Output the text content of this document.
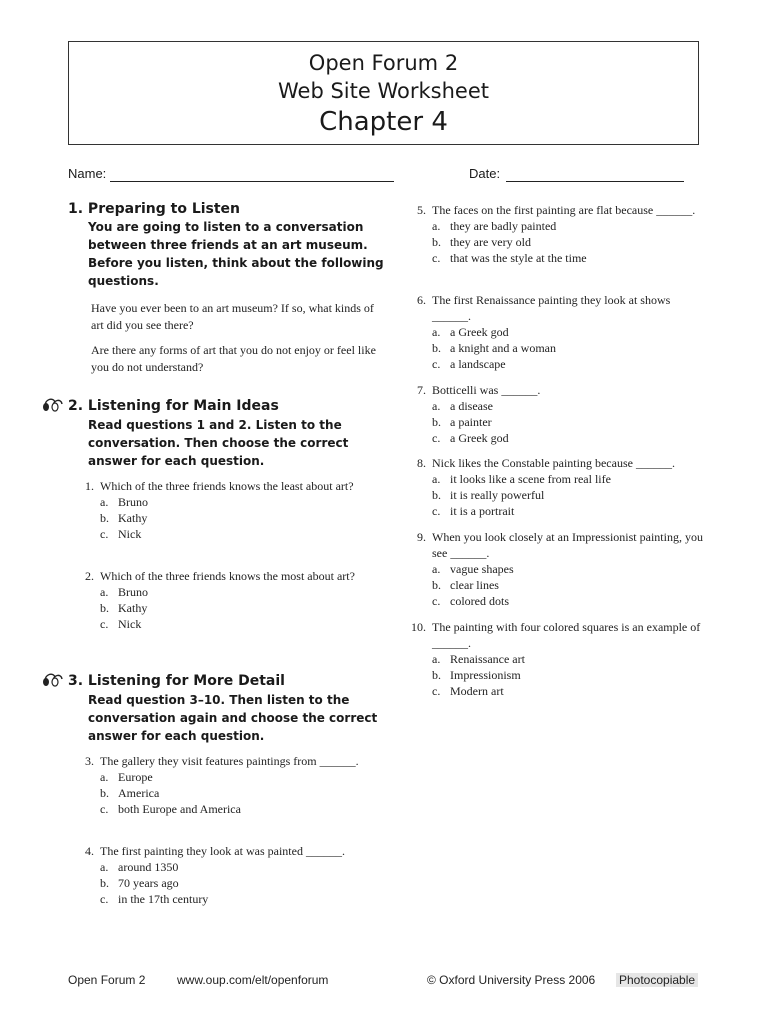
Open Forum 2
Web Site Worksheet
Chapter 4
Name:	Date:
1. Preparing to Listen
You are going to listen to a conversation between three friends at an art museum. Before you listen, think about the following questions.
Have you ever been to an art museum? If so, what kinds of art did you see there?
Are there any forms of art that you do not enjoy or feel like you do not understand?
2. Listening for Main Ideas
Read questions 1 and 2. Listen to the conversation. Then choose the correct answer for each question.
3. Listening for More Detail
Read question 3–10. Then listen to the conversation again and choose the correct answer for each question.
1. Which of the three friends knows the least about art?
a. Bruno
b. Kathy
c. Nick
2. Which of the three friends knows the most about art?
a. Bruno
b. Kathy
c. Nick
3. The gallery they visit features paintings from ______.
a. Europe
b. America
c. both Europe and America
4. The first painting they look at was painted ______.
a. around 1350
b. 70 years ago
c. in the 17th century
5. The faces on the first painting are flat because ______.
a. they are badly painted
b. they are very old
c. that was the style at the time
6. The first Renaissance painting they look at shows ______.
a. a Greek god
b. a knight and a woman
c. a landscape
7. Botticelli was ______.
a. a disease
b. a painter
c. a Greek god
8. Nick likes the Constable painting because ______.
a. it looks like a scene from real life
b. it is really powerful
c. it is a portrait
9. When you look closely at an Impressionist painting, you see ______.
a. vague shapes
b. clear lines
c. colored dots
10. The painting with four colored squares is an example of ______.
a. Renaissance art
b. Impressionism
c. Modern art
Open Forum 2	www.oup.com/elt/openforum	© Oxford University Press 2006 Photocopiable
